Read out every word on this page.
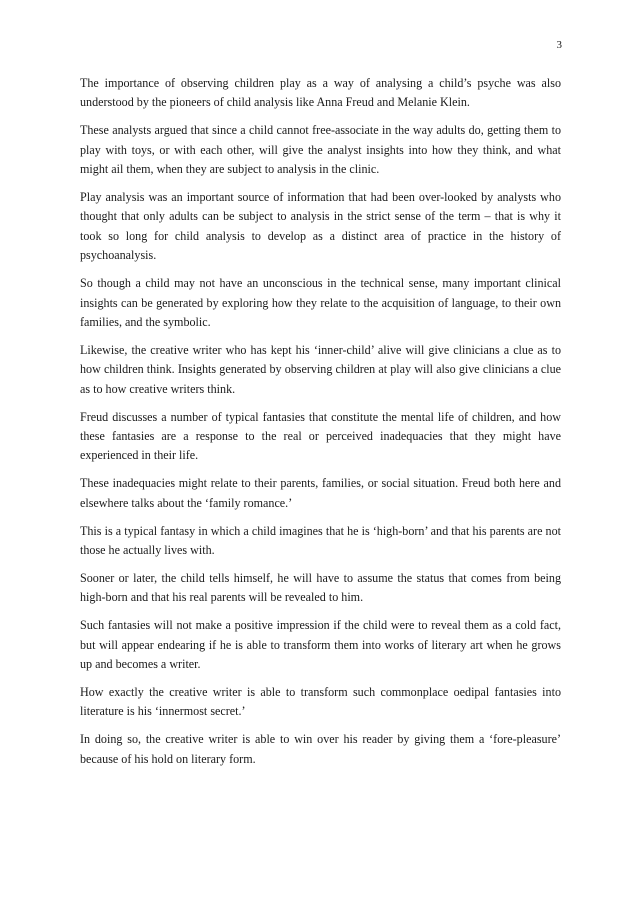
3

The importance of observing children play as a way of analysing a child’s psyche was also understood by the pioneers of child analysis like Anna Freud and Melanie Klein.

These analysts argued that since a child cannot free-associate in the way adults do, getting them to play with toys, or with each other, will give the analyst insights into how they think, and what might ail them, when they are subject to analysis in the clinic.

Play analysis was an important source of information that had been over-looked by analysts who thought that only adults can be subject to analysis in the strict sense of the term – that is why it took so long for child analysis to develop as a distinct area of practice in the history of psychoanalysis.

So though a child may not have an unconscious in the technical sense, many important clinical insights can be generated by exploring how they relate to the acquisition of language, to their own families, and the symbolic.

Likewise, the creative writer who has kept his ‘inner-child’ alive will give clinicians a clue as to how children think. Insights generated by observing children at play will also give clinicians a clue as to how creative writers think.

Freud discusses a number of typical fantasies that constitute the mental life of children, and how these fantasies are a response to the real or perceived inadequacies that they might have experienced in their life.

These inadequacies might relate to their parents, families, or social situation. Freud both here and elsewhere talks about the ‘family romance.’

This is a typical fantasy in which a child imagines that he is ‘high-born’ and that his parents are not those he actually lives with.

Sooner or later, the child tells himself, he will have to assume the status that comes from being high-born and that his real parents will be revealed to him.

Such fantasies will not make a positive impression if the child were to reveal them as a cold fact, but will appear endearing if he is able to transform them into works of literary art when he grows up and becomes a writer.

How exactly the creative writer is able to transform such commonplace oedipal fantasies into literature is his ‘innermost secret.’

In doing so, the creative writer is able to win over his reader by giving them a ‘fore-pleasure’ because of his hold on literary form.
